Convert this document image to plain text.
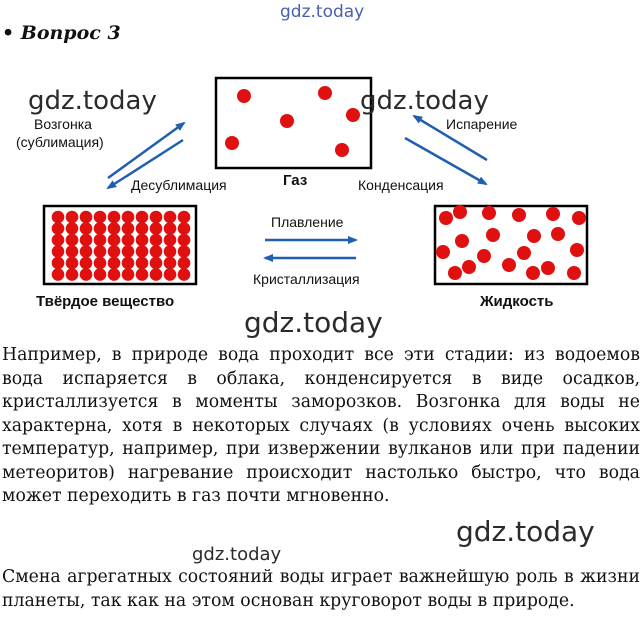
gdz.today
• Вопрос 3
Возгонка
(сублимация)
Десублимация	Газ
Испарение
Конденсация
Плавление
Кристаллизация
Твёрдое вещество	Жидкость
gdz.today	gdz.today
gdz.today
Например, в природе вода проходит все эти стадии: из водоемов
вода испаряется в облака, конденсируется в виде осадков,
кристаллизуется в моменты заморозков. Возгонка для воды не
характерна, хотя в некоторых случаях (в условиях очень высоких
температур, например, при извержении вулканов или при падении
метеоритов) нагревание происходит настолько быстро, что вода
может переходить в газ почти мгновенно.
gdz.today
gdz.today
Смена агрегатных состояний воды играет важнейшую роль в жизни
планеты, так как на этом основан круговорот воды в природе.
